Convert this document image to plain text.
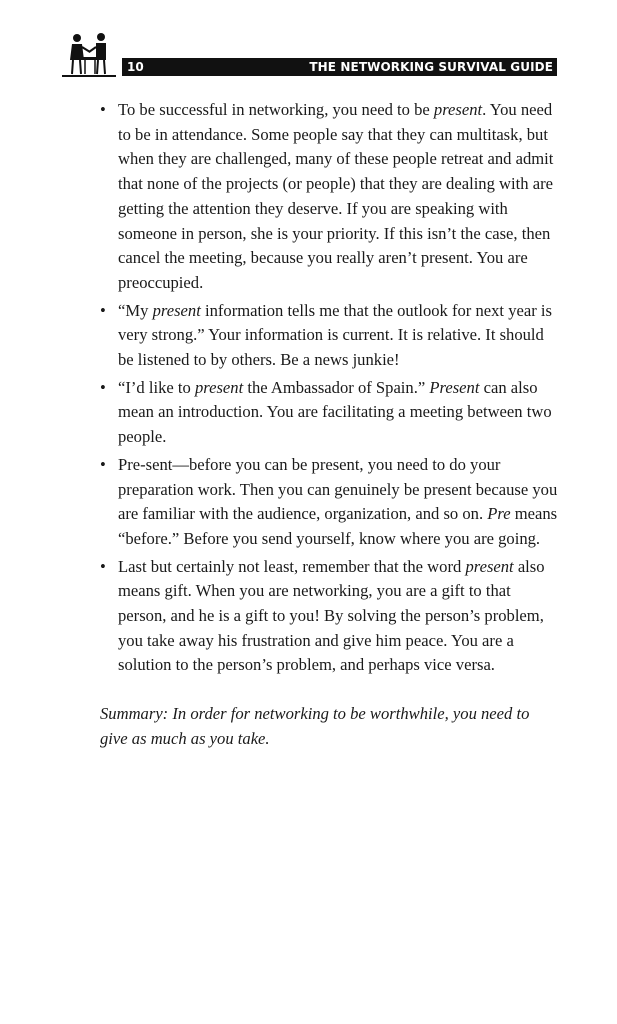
10	THE NETWORKING SURVIVAL GUIDE
• To be successful in networking, you need to be present. You need to be in attendance. Some people say that they can multitask, but when they are challenged, many of these people retreat and admit that none of the projects (or people) that they are dealing with are getting the attention they deserve. If you are speaking with someone in person, she is your priority. If this isn’t the case, then cancel the meeting, because you really aren’t present. You are preoccupied.
• “My present information tells me that the outlook for next year is very strong.” Your information is current. It is relative. It should be listened to by others. Be a news junkie!
• “I’d like to present the Ambassador of Spain.” Present can also mean an introduction. You are facilitating a meeting between two people.
• Pre-sent—before you can be present, you need to do your preparation work. Then you can genuinely be present because you are familiar with the audience, organization, and so on. Pre means “before.” Before you send yourself, know where you are going.
• Last but certainly not least, remember that the word present also means gift. When you are networking, you are a gift to that person, and he is a gift to you! By solving the person’s problem, you take away his frustration and give him peace. You are a solution to the person’s problem, and perhaps vice versa.

Summary: In order for networking to be worthwhile, you need to give as much as you take.
